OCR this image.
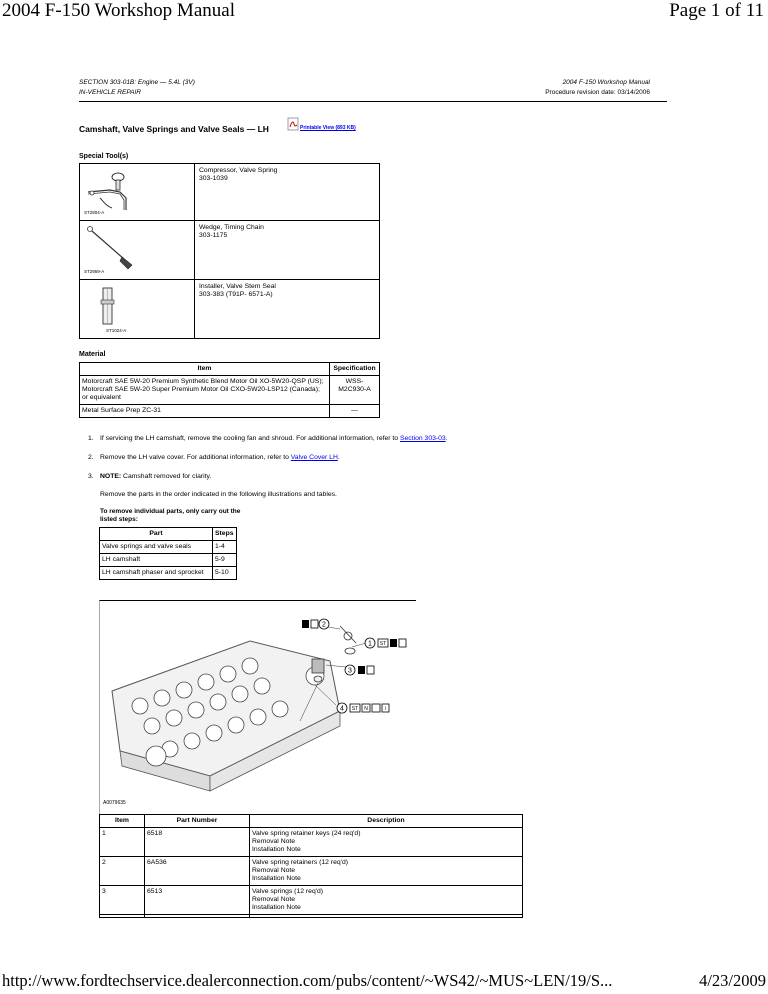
2004 F-150 Workshop Manual	Page 1 of 11
SECTION 303-01B: Engine — 5.4L (3V)
IN-VEHICLE REPAIR
2004 F-150 Workshop Manual
Procedure revision date: 03/14/2006
Camshaft, Valve Springs and Valve Seals — LH	Printable View (893 KB)
Special Tool(s)
ST2804-A	Compressor, Valve Spring
303-1039

ST2959-A	Wedge, Timing Chain
303-1175

ST1024-A	Installer, Valve Stem Seal
303-383 (T91P- 6571-A)
Material
Item	Specification
Motorcraft SAE 5W-20 Premium Synthetic Blend Motor Oil XO-5W20-QSP (US); Motorcraft SAE 5W-20 Super Premium Motor Oil CXO-5W20-LSP12 (Canada); or equivalent	WSS-M2C930-A
Metal Surface Prep ZC-31	—
1. If servicing the LH camshaft, remove the cooling fan and shroud. For additional information, refer to Section 303-03.
2. Remove the LH valve cover. For additional information, refer to Valve Cover LH.
3. NOTE: Camshaft removed for clarity.
Remove the parts in the order indicated in the following illustrations and tables.
To remove individual parts, only carry out the listed steps:
Part	Steps
Valve springs and valve seals	1-4
LH camshaft	5-9
LH camshaft phaser and sprocket	5-10
2
1 ST
3
4 ST N	i
A0079635
Item	Part Number	Description
1	6518	Valve spring retainer keys (24 req'd)
Removal Note
Installation Note

2	6A536	Valve spring retainers (12 req'd)
Removal Note
Installation Note

3	6513	Valve springs (12 req'd)
Removal Note
Installation Note

http://www.fordtechservice.dealerconnection.com/pubs/content/~WS42/~MUS~LEN/19/S...	4/23/2009
